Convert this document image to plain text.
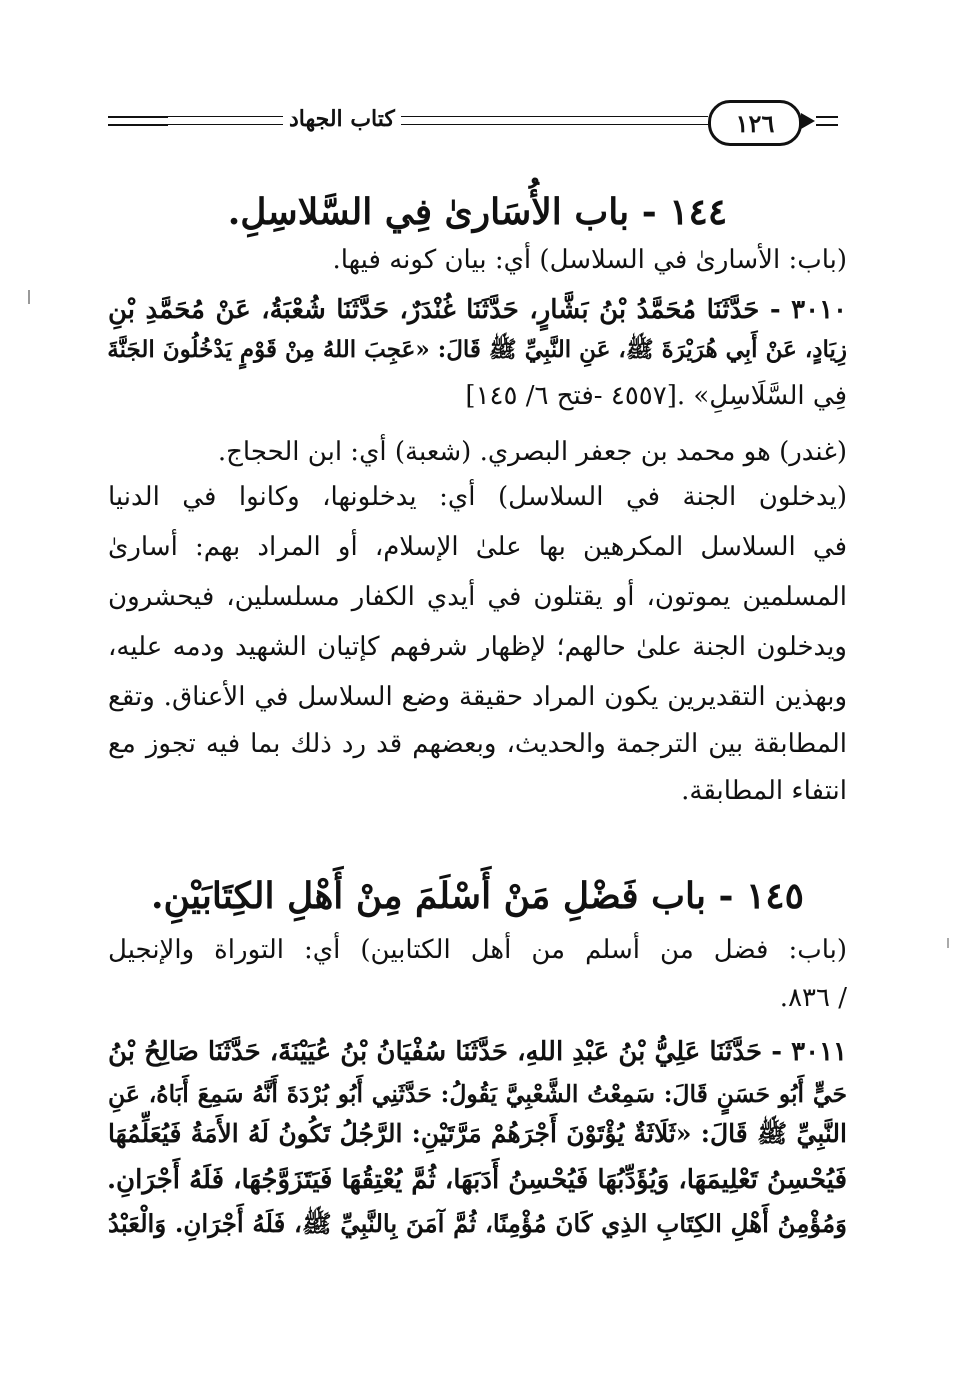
كتاب الجهاد	١٢٦
١٤٤ - باب الأُسَارىٰ فِي السَّلاسِلِ.
(باب: الأسارىٰ في السلاسل) أي: بيان كونه فيها.
٣٠١٠ - حَدَّثَنَا مُحَمَّدُ بْنُ بَشَّارٍ، حَدَّثَنَا غُنْدَرٌ، حَدَّثَنَا شُعْبَةُ، عَنْ مُحَمَّدِ بْنِ
زِيَادٍ، عَنْ أَبِي هُرَيْرَةَ ﷺ، عَنِ النَّبِيِّ ﷺ قَالَ: «عَجِبَ اللهُ مِنْ قَوْمٍ يَدْخُلُونَ الجَنَّةَ
فِي السَّلَاسِلِ» .[٤٥٥٧ -فتح ٦/ ١٤٥]
(غندر) هو محمد بن جعفر البصري. (شعبة) أي: ابن الحجاج.
(يدخلون الجنة في السلاسل) أي: يدخلونها، وكانوا في الدنيا
في السلاسل المكرهين بها علىٰ الإسلام، أو المراد بهم: أسارىٰ
المسلمين يموتون، أو يقتلون في أيدي الكفار مسلسلين، فيحشرون
ويدخلون الجنة علىٰ حالهم؛ لإظهار شرفهم كإتيان الشهيد ودمه عليه،
وبهذين التقديرين يكون المراد حقيقة وضع السلاسل في الأعناق. وتقع
المطابقة بين الترجمة والحديث، وبعضهم قد رد ذلك بما فيه تجوز مع
انتفاء المطابقة.
١٤٥ - باب فَضْلِ مَنْ أَسْلَمَ مِنْ أَهْلِ الكِتَابَيْنِ.
(باب: فضل من أسلم من أهل الكتابين) أي: التوراة والإنجيل
/ ٨٣٦.
٣٠١١ - حَدَّثَنَا عَلِيُّ بْنُ عَبْدِ اللهِ، حَدَّثَنَا سُفْيَانُ بْنُ عُيَيْنَةَ، حَدَّثَنَا صَالِحُ بْنُ
حَيٍّ أَبُو حَسَنٍ قَالَ: سَمِعْتُ الشَّعْبِيَّ يَقُولُ: حَدَّثَنِي أَبُو بُرْدَةَ أَنَّهُ سَمِعَ أَبَاهُ، عَنِ
النَّبِيِّ ﷺ قَالَ: «ثَلَاثَةٌ يُؤْتَوْنَ أَجْرَهُمْ مَرَّتَيْنِ: الرَّجُلُ تَكُونُ لَهُ الأَمَةُ فَيُعَلِّمُهَا
فَيُحْسِنُ تَعْلِيمَهَا، وَيُؤَدِّبُهَا فَيُحْسِنُ أَدَبَهَا، ثُمَّ يُعْتِقُهَا فَيَتَزَوَّجُهَا، فَلَهُ أَجْرَانِ.
وَمُؤْمِنُ أَهْلِ الكِتَابِ الذِي كَانَ مُؤْمِنًا، ثُمَّ آمَنَ بِالنَّبِيِّ ﷺ، فَلَهُ أَجْرَانِ. وَالْعَبْدُ
